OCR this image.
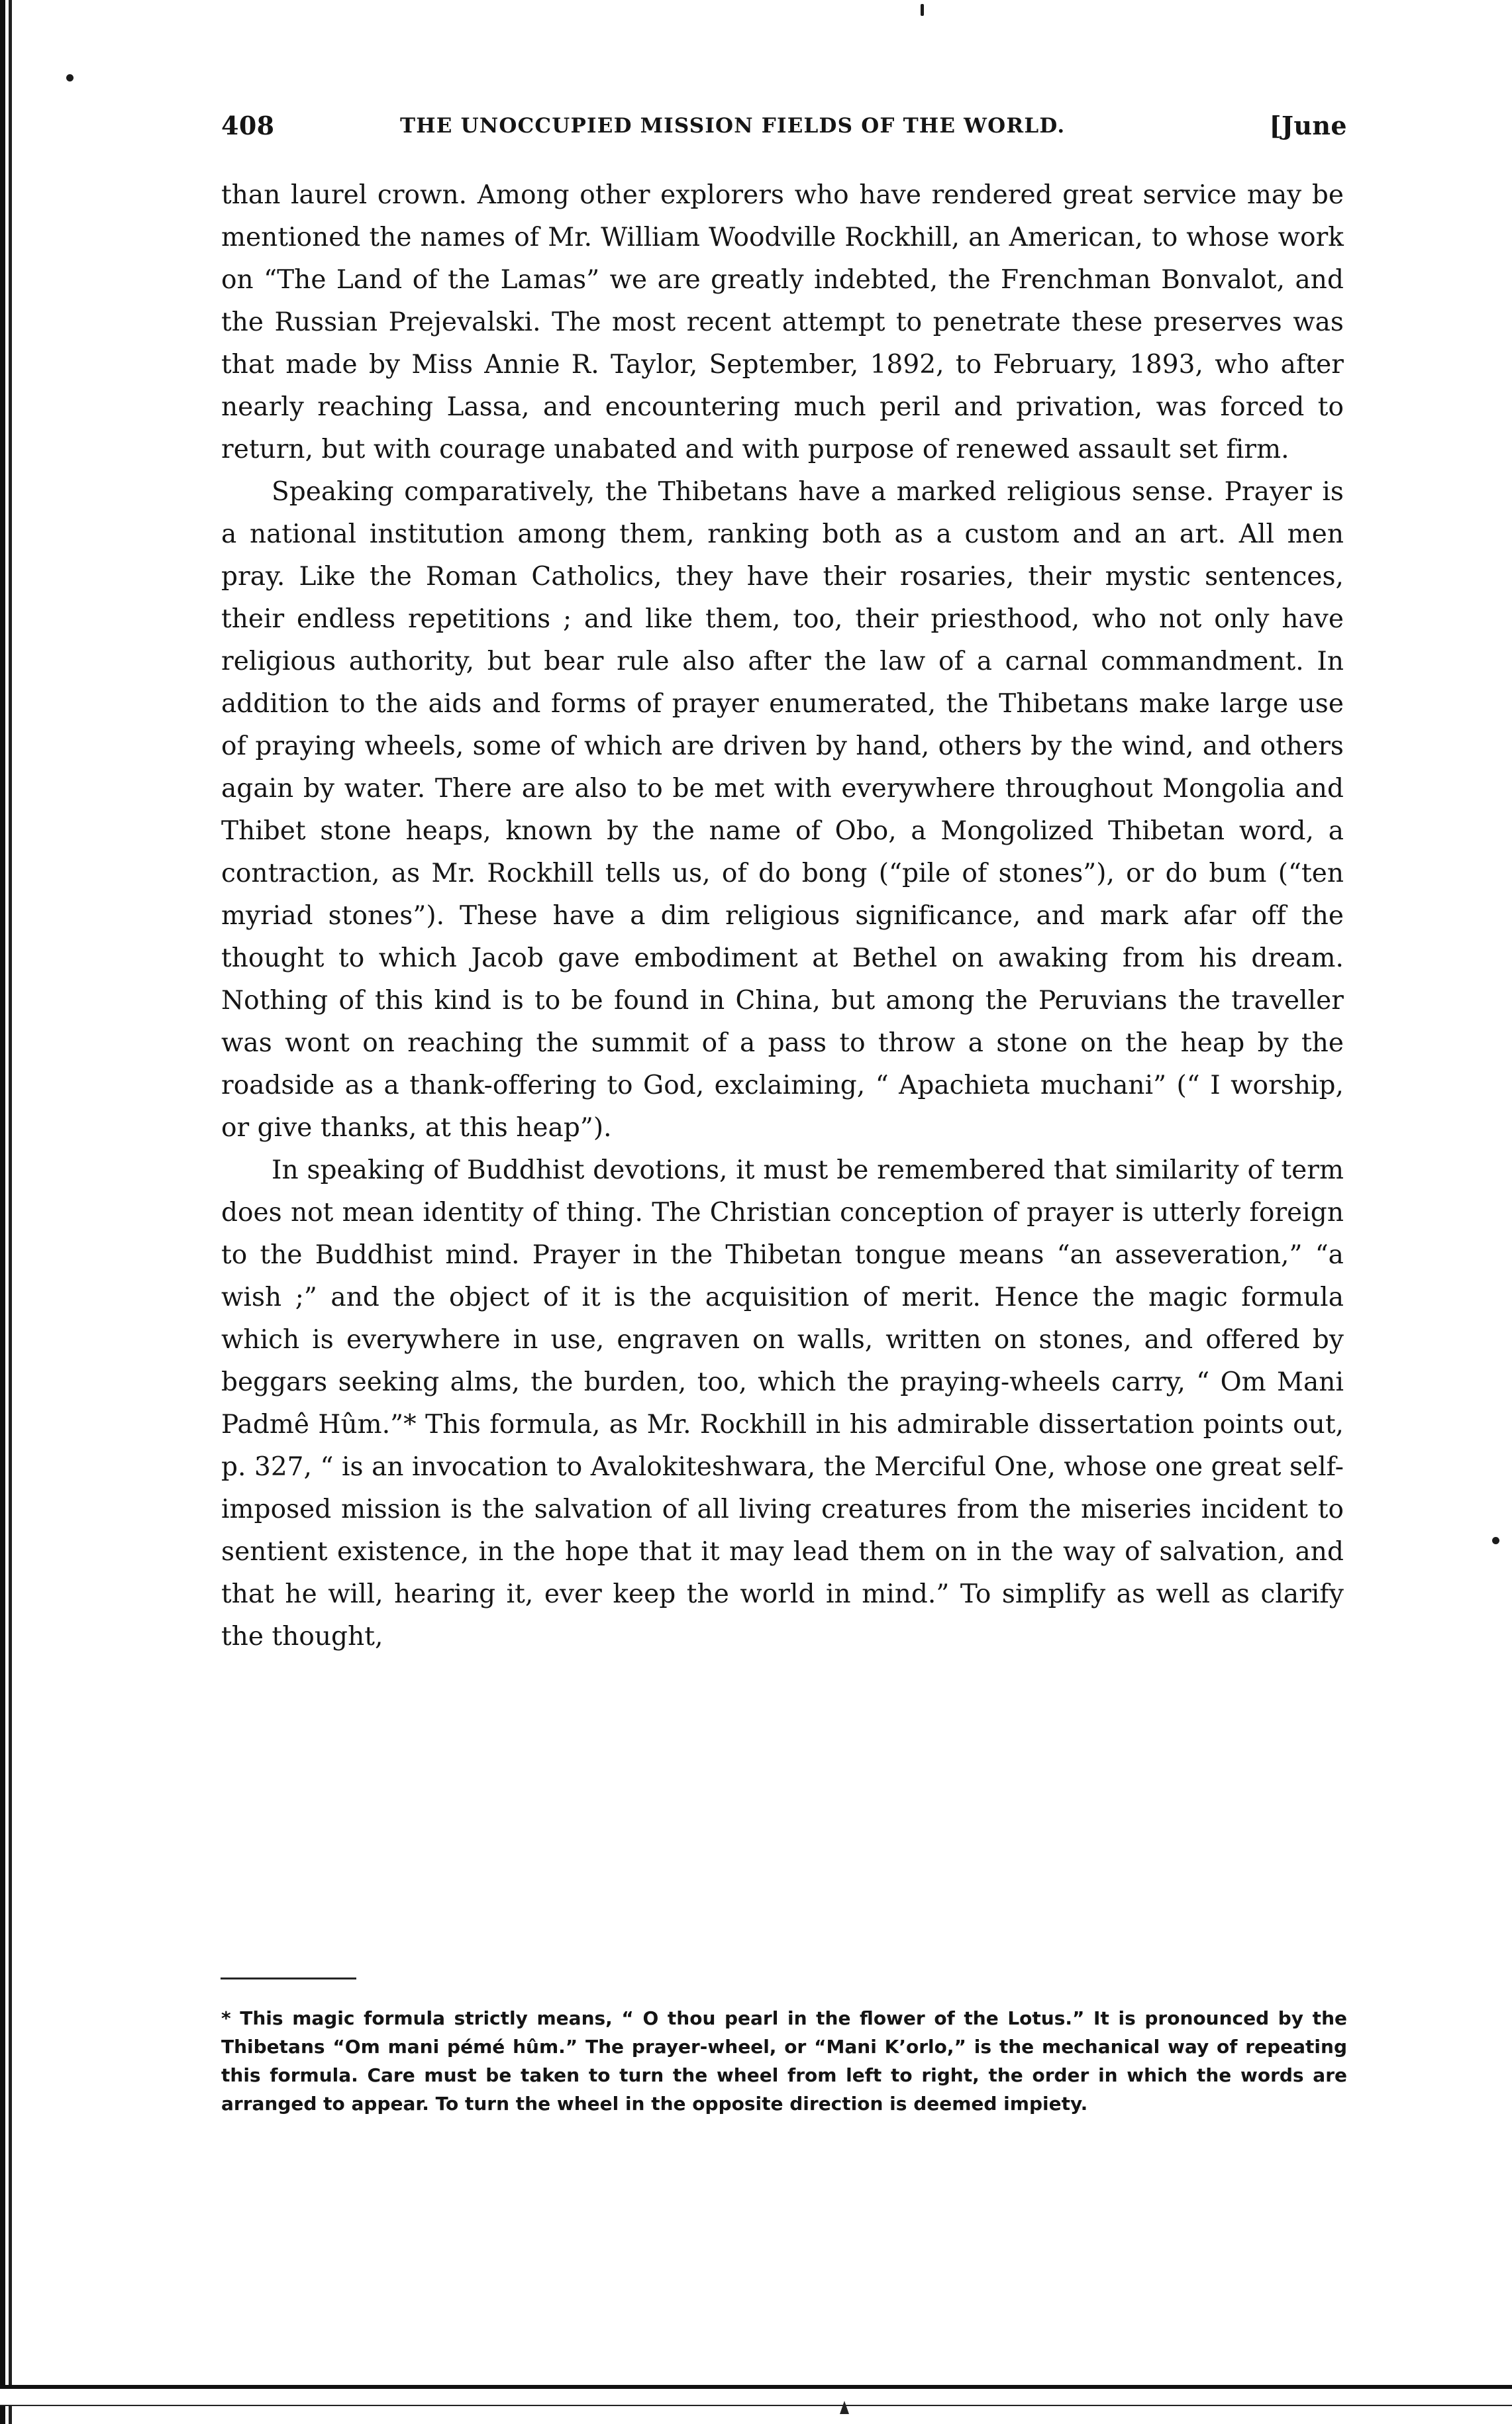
408	THE UNOCCUPIED MISSION FIELDS OF THE WORLD.	[June

than laurel crown. Among other explorers who have rendered great service may be mentioned the names of Mr. William Woodville Rockhill, an American, to whose work on “The Land of the Lamas” we are greatly indebted, the Frenchman Bonvalot, and the Russian Prejevalski. The most recent attempt to penetrate these preserves was that made by Miss Annie R. Taylor, September, 1892, to February, 1893, who after nearly reaching Lassa, and encountering much peril and privation, was forced to return, but with courage unabated and with purpose of renewed assault set firm.

Speaking comparatively, the Thibetans have a marked religious sense. Prayer is a national institution among them, ranking both as a custom and an art. All men pray. Like the Roman Catholics, they have their rosaries, their mystic sentences, their endless repetitions ; and like them, too, their priesthood, who not only have religious authority, but bear rule also after the law of a carnal commandment. In addition to the aids and forms of prayer enumerated, the Thibetans make large use of praying wheels, some of which are driven by hand, others by the wind, and others again by water. There are also to be met with everywhere throughout Mongolia and Thibet stone heaps, known by the name of Obo, a Mongolized Thibetan word, a contraction, as Mr. Rockhill tells us, of do bong (“pile of stones”), or do bum (“ten myriad stones”). These have a dim religious significance, and mark afar off the thought to which Jacob gave embodiment at Bethel on awaking from his dream. Nothing of this kind is to be found in China, but among the Peruvians the traveller was wont on reaching the summit of a pass to throw a stone on the heap by the roadside as a thank-offering to God, exclaiming, “ Apachieta muchani” (“ I worship, or give thanks, at this heap”).

In speaking of Buddhist devotions, it must be remembered that similarity of term does not mean identity of thing. The Christian conception of prayer is utterly foreign to the Buddhist mind. Prayer in the Thibetan tongue means “an asseveration,” “a wish ;” and the object of it is the acquisition of merit. Hence the magic formula which is everywhere in use, engraven on walls, written on stones, and offered by beggars seeking alms, the burden, too, which the praying-wheels carry, “ Om Mani Padmê Hûm.”* This formula, as Mr. Rockhill in his admirable dissertation points out, p. 327, “ is an invocation to Avalokiteshwara, the Merciful One, whose one great self-imposed mission is the salvation of all living creatures from the miseries incident to sentient existence, in the hope that it may lead them on in the way of salvation, and that he will, hearing it, ever keep the world in mind.” To simplify as well as clarify the thought,

* This magic formula strictly means, “ O thou pearl in the flower of the Lotus.” It is pronounced by the Thibetans “Om mani pémé hûm.” The prayer-wheel, or “Mani K’orlo,” is the mechanical way of repeating this formula. Care must be taken to turn the wheel from left to right, the order in which the words are arranged to appear. To turn the wheel in the opposite direction is deemed impiety.
